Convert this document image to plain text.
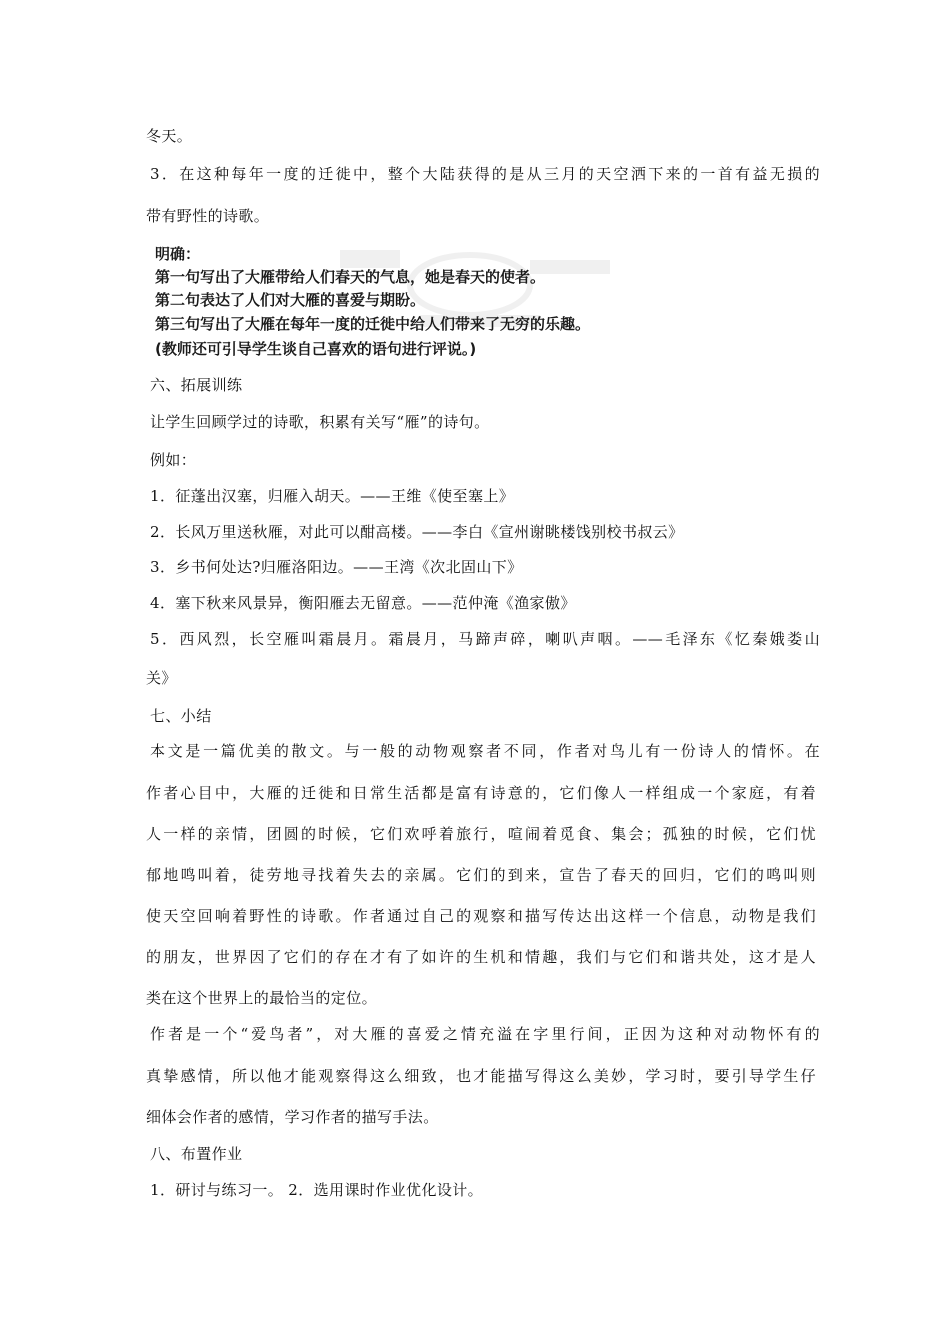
冬天。
3．在这种每年一度的迁徙中，整个大陆获得的是从三月的天空洒下来的一首有益无损的
带有野性的诗歌。
明确：
第一句写出了大雁带给人们春天的气息，她是春天的使者。
第二句表达了人们对大雁的喜爱与期盼。
第三句写出了大雁在每年一度的迁徙中给人们带来了无穷的乐趣。
(教师还可引导学生谈自己喜欢的语句进行评说。)
六、拓展训练
让学生回顾学过的诗歌，积累有关写“雁”的诗句。
例如：
1．征蓬出汉塞，归雁入胡天。——王维《使至塞上》
2．长风万里送秋雁，对此可以酣高楼。——李白《宣州谢眺楼饯别校书叔云》
3．乡书何处达?归雁洛阳边。——王湾《次北固山下》
4．塞下秋来风景异，衡阳雁去无留意。——范仲淹《渔家傲》
5．西风烈，长空雁叫霜晨月。霜晨月，马蹄声碎，喇叭声咽。——毛泽东《忆秦娥娄山
关》
七、小结
本文是一篇优美的散文。与一般的动物观察者不同，作者对鸟儿有一份诗人的情怀。在
作者心目中，大雁的迁徙和日常生活都是富有诗意的，它们像人一样组成一个家庭，有着
人一样的亲情，团圆的时候，它们欢呼着旅行，喧闹着觅食、集会；孤独的时候，它们忧
郁地鸣叫着，徒劳地寻找着失去的亲属。它们的到来，宣告了春天的回归，它们的鸣叫则
使天空回响着野性的诗歌。作者通过自己的观察和描写传达出这样一个信息，动物是我们
的朋友，世界因了它们的存在才有了如许的生机和情趣，我们与它们和谐共处，这才是人
类在这个世界上的最恰当的定位。
作者是一个“爱鸟者”，对大雁的喜爱之情充溢在字里行间，正因为这种对动物怀有的
真挚感情，所以他才能观察得这么细致，也才能描写得这么美妙，学习时，要引导学生仔
细体会作者的感情，学习作者的描写手法。
八、布置作业
1．研讨与练习一。 2．选用课时作业优化设计。
